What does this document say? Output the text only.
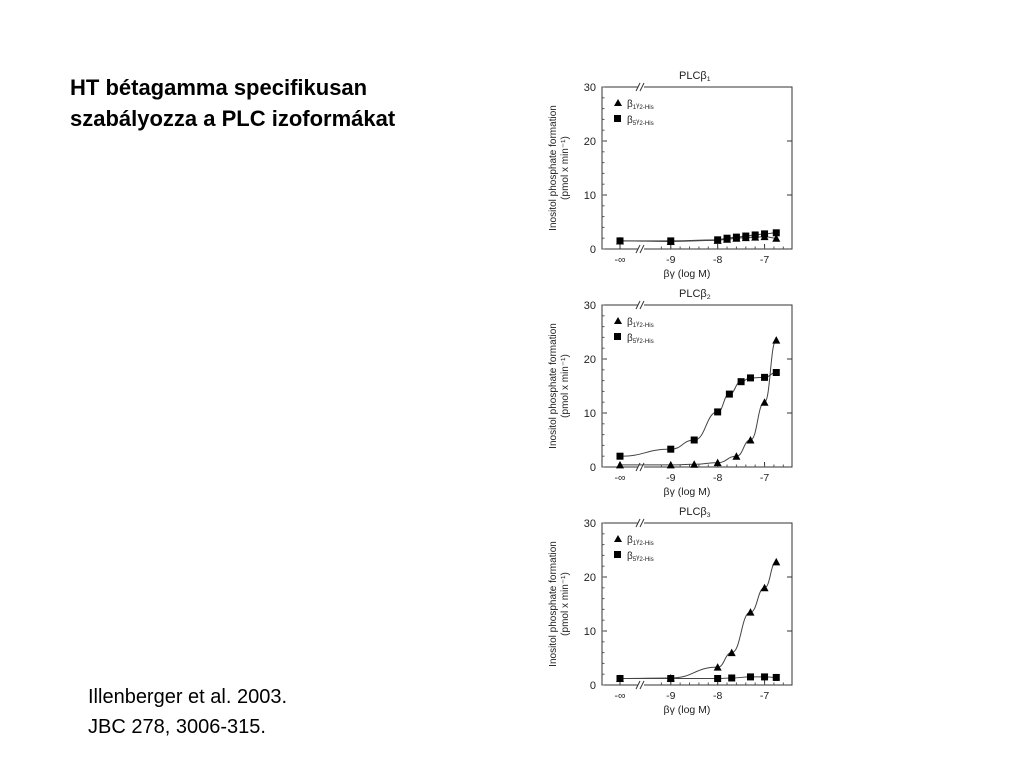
HT bétagamma specifikusan
szabályozza a PLC izoformákat
Illenberger et al. 2003.
JBC 278, 3006-315.
PLCβ1
0
10
20
30
-∞	-9	-8	-7
βγ (log M)
Inositol phosphate formation (pmol x min⁻¹)
$\beta_1^\gamma_{2-His}$
$\beta_5^\gamma_{2-His}$
PLCβ2
0
10
20
30
-∞	-9	-8	-7
βγ (log M)
Inositol phosphate formation (pmol x min⁻¹)
$\beta_1^\gamma_{2-His}$
$\beta_5^\gamma_{2-His}$
PLCβ3
0
10
20
30
-∞	-9	-8	-7
βγ (log M)
Inositol phosphate formation (pmol x min⁻¹)
$\beta_1^\gamma_{2-His}$
$\beta_5^\gamma_{2-His}$
